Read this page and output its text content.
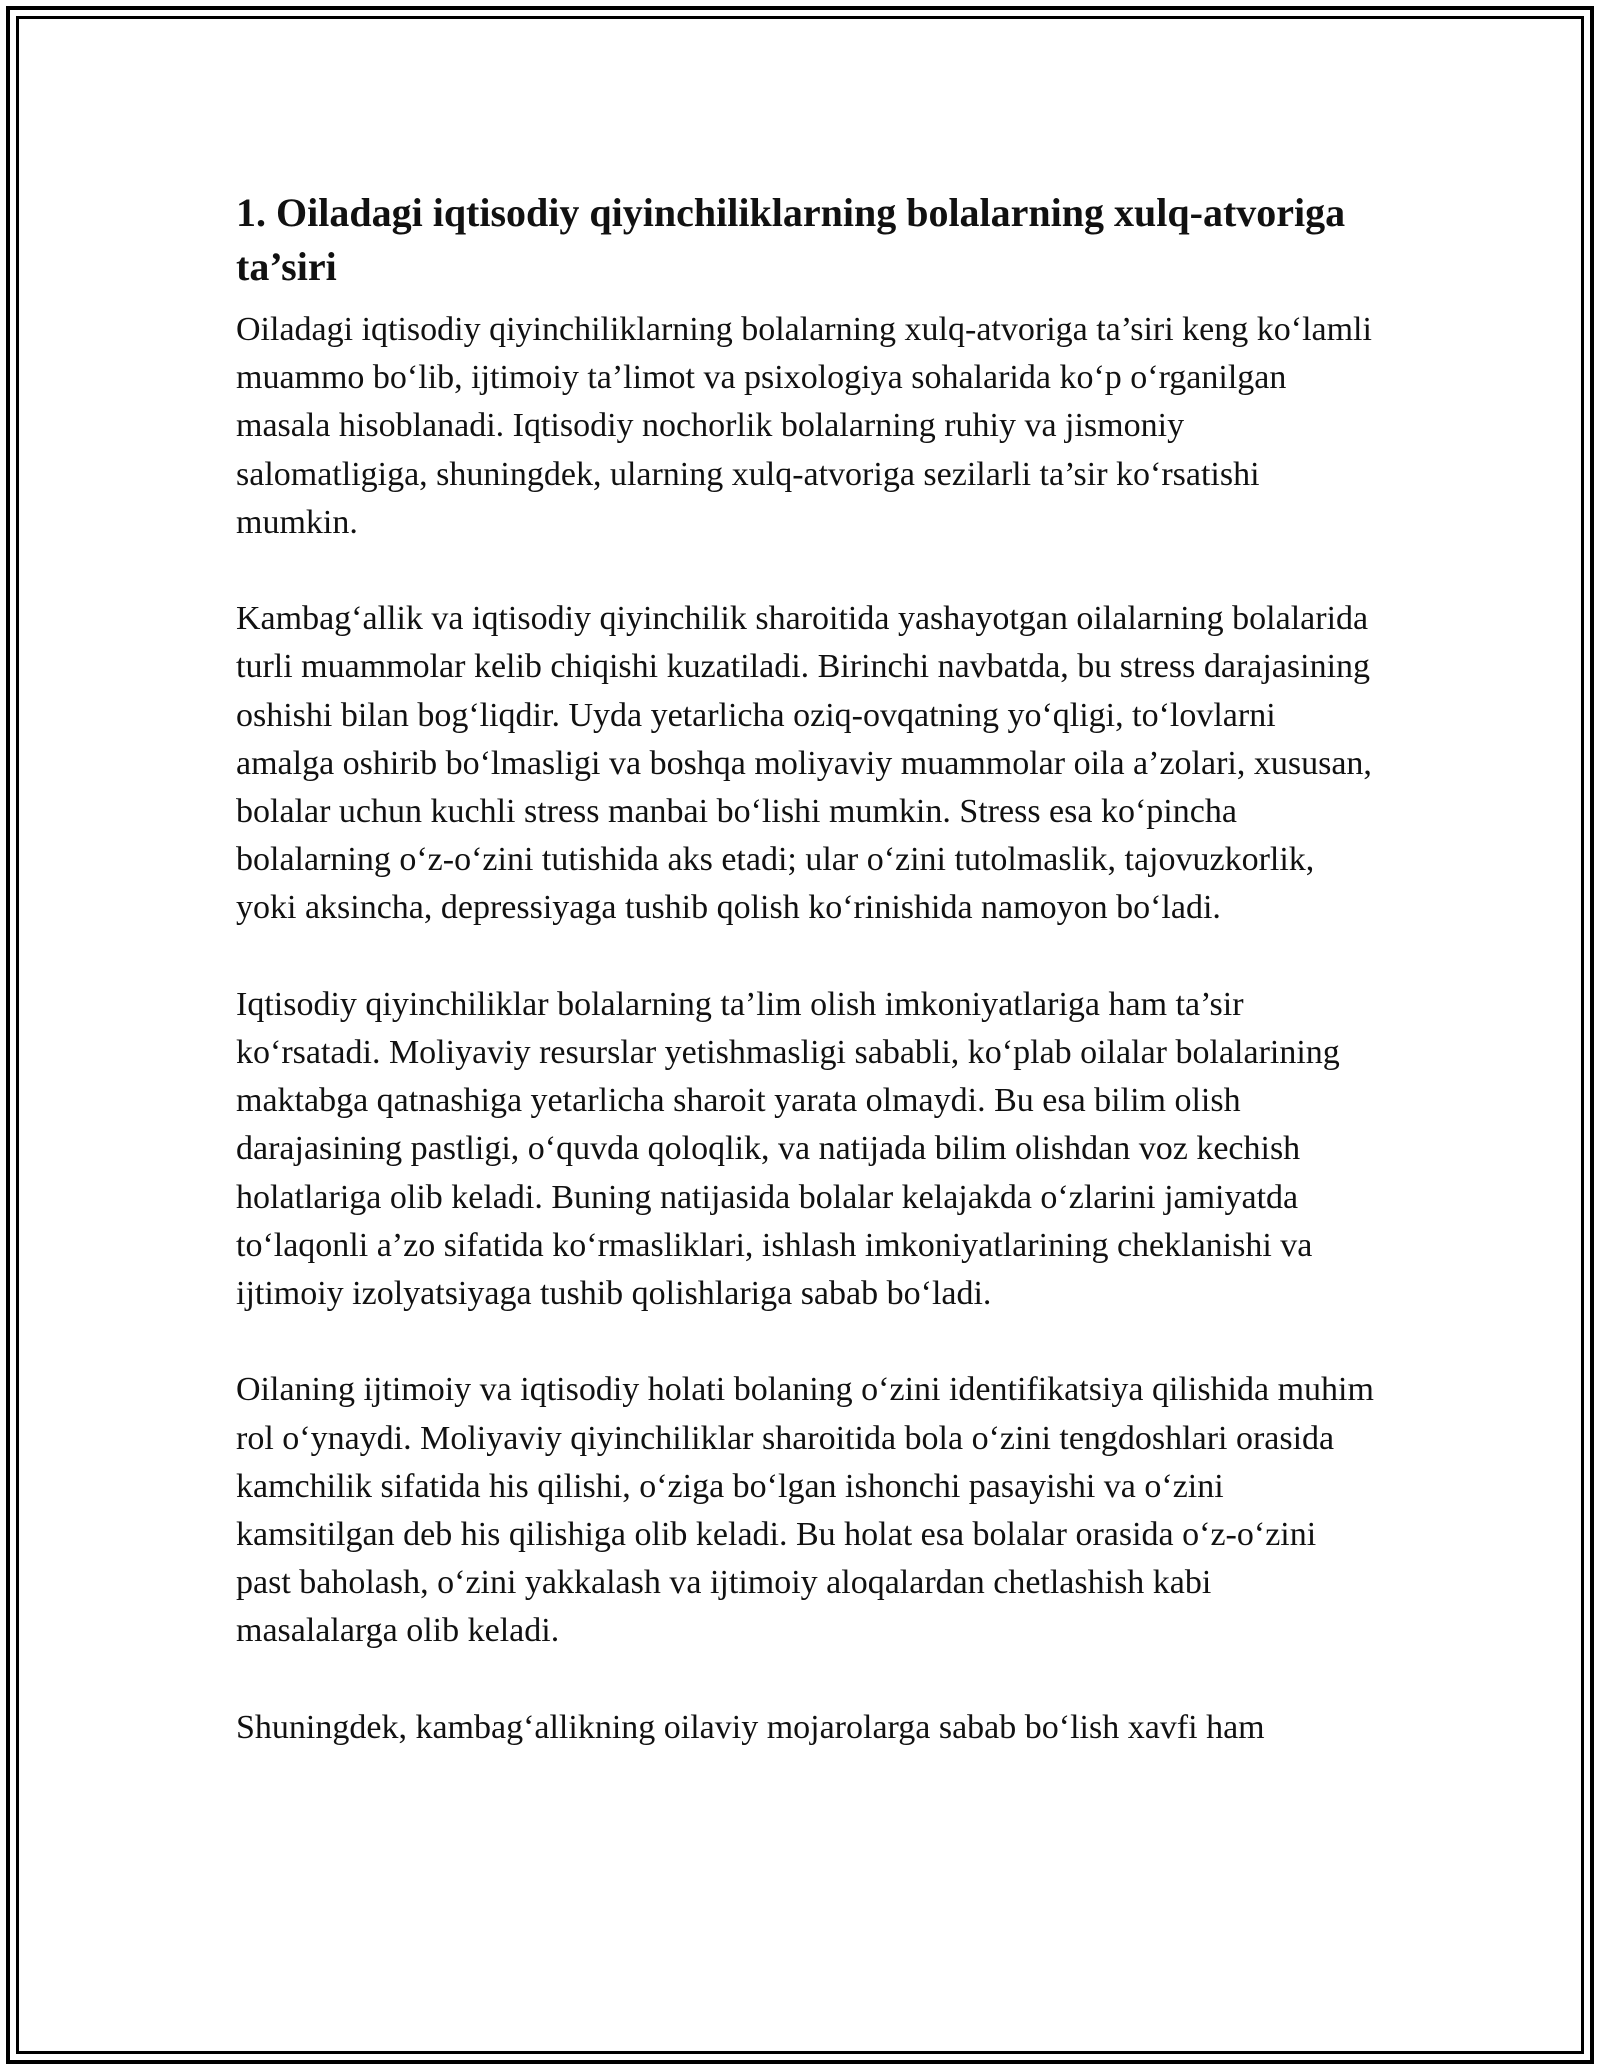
1. Oiladagi iqtisodiy qiyinchiliklarning bolalarning xulq-atvoriga ta’siri

Oiladagi iqtisodiy qiyinchiliklarning bolalarning xulq-atvoriga ta’siri keng ko‘lamli muammo bo‘lib, ijtimoiy ta’limot va psixologiya sohalarida ko‘p o‘rganilgan masala hisoblanadi. Iqtisodiy nochorlik bolalarning ruhiy va jismoniy salomatligiga, shuningdek, ularning xulq-atvoriga sezilarli ta’sir ko‘rsatishi mumkin.

Kambag‘allik va iqtisodiy qiyinchilik sharoitida yashayotgan oilalarning bolalarida turli muammolar kelib chiqishi kuzatiladi. Birinchi navbatda, bu stress darajasining oshishi bilan bog‘liqdir. Uyda yetarlicha oziq-ovqatning yo‘qligi, to‘lovlarni amalga oshirib bo‘lmasligi va boshqa moliyaviy muammolar oila a’zolari, xususan, bolalar uchun kuchli stress manbai bo‘lishi mumkin. Stress esa ko‘pincha bolalarning o‘z-o‘zini tutishida aks etadi; ular o‘zini tutolmaslik, tajovuzkorlik, yoki aksincha, depressiyaga tushib qolish ko‘rinishida namoyon bo‘ladi.

Iqtisodiy qiyinchiliklar bolalarning ta’lim olish imkoniyatlariga ham ta’sir ko‘rsatadi. Moliyaviy resurslar yetishmasligi sababli, ko‘plab oilalar bolalarining maktabga qatnashiga yetarlicha sharoit yarata olmaydi. Bu esa bilim olish darajasining pastligi, o‘quvda qoloqlik, va natijada bilim olishdan voz kechish holatlariga olib keladi. Buning natijasida bolalar kelajakda o‘zlarini jamiyatda to‘laqonli a’zo sifatida ko‘rmasliklari, ishlash imkoniyatlarining cheklanishi va ijtimoiy izolyatsiyaga tushib qolishlariga sabab bo‘ladi.

Oilaning ijtimoiy va iqtisodiy holati bolaning o‘zini identifikatsiya qilishida muhim rol o‘ynaydi. Moliyaviy qiyinchiliklar sharoitida bola o‘zini tengdoshlari orasida kamchilik sifatida his qilishi, o‘ziga bo‘lgan ishonchi pasayishi va o‘zini kamsitilgan deb his qilishiga olib keladi. Bu holat esa bolalar orasida o‘z-o‘zini past baholash, o‘zini yakkalash va ijtimoiy aloqalardan chetlashish kabi masalalarga olib keladi.

Shuningdek, kambag‘allikning oilaviy mojarolarga sabab bo‘lish xavfi ham
